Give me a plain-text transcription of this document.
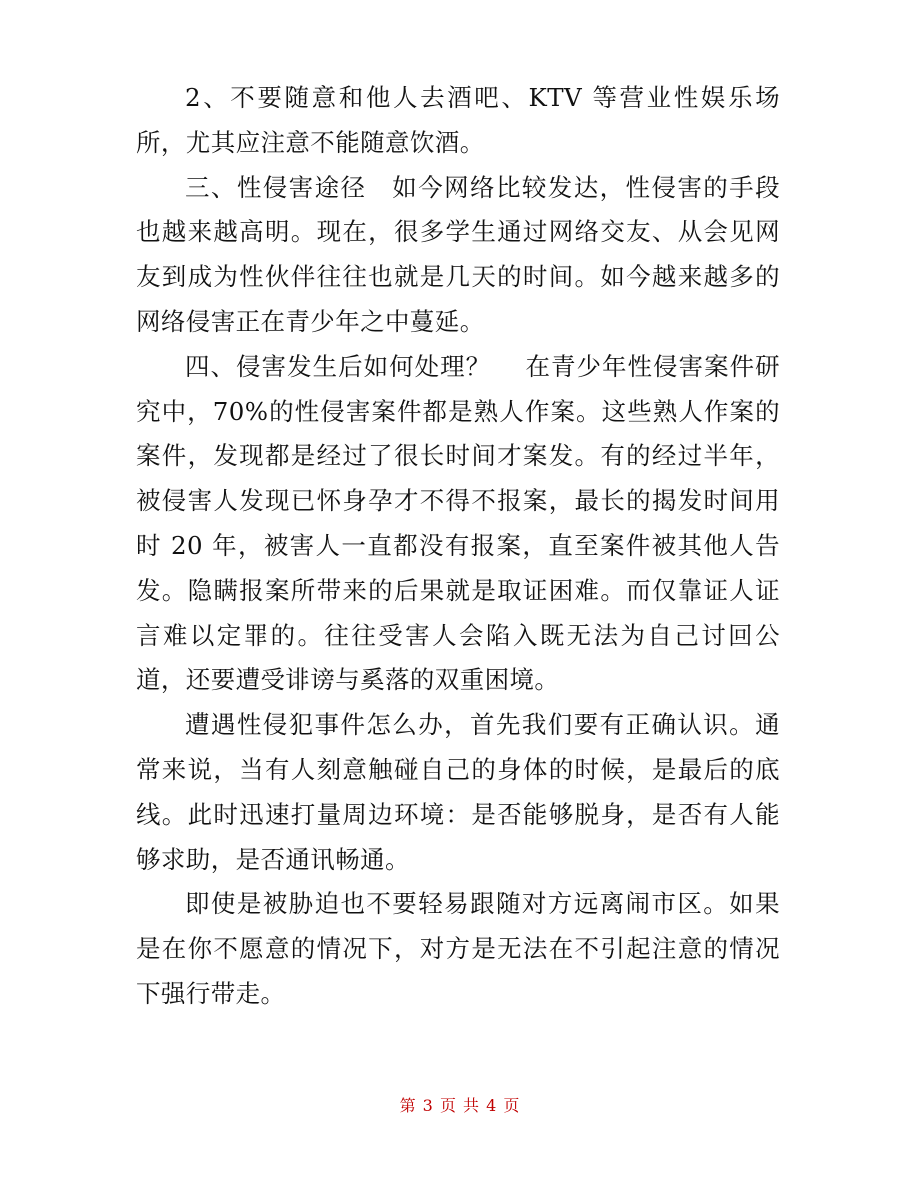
2、不要随意和他人去酒吧、KTV 等营业性娱乐场所，尤其应注意不能随意饮酒。

三、性侵害途径　如今网络比较发达，性侵害的手段也越来越高明。现在，很多学生通过网络交友、从会见网友到成为性伙伴往往也就是几天的时间。如今越来越多的网络侵害正在青少年之中蔓延。

四、侵害发生后如何处理？　 在青少年性侵害案件研究中，70%的性侵害案件都是熟人作案。这些熟人作案的案件，发现都是经过了很长时间才案发。有的经过半年，被侵害人发现已怀身孕才不得不报案，最长的揭发时间用时 20 年，被害人一直都没有报案，直至案件被其他人告发。隐瞒报案所带来的后果就是取证困难。而仅靠证人证言难以定罪的。往往受害人会陷入既无法为自己讨回公道，还要遭受诽谤与奚落的双重困境。

遭遇性侵犯事件怎么办，首先我们要有正确认识。通常来说，当有人刻意触碰自己的身体的时候，是最后的底线。此时迅速打量周边环境：是否能够脱身，是否有人能够求助，是否通讯畅通。

即使是被胁迫也不要轻易跟随对方远离闹市区。如果是在你不愿意的情况下，对方是无法在不引起注意的情况下强行带走。

第 3 页 共 4 页
